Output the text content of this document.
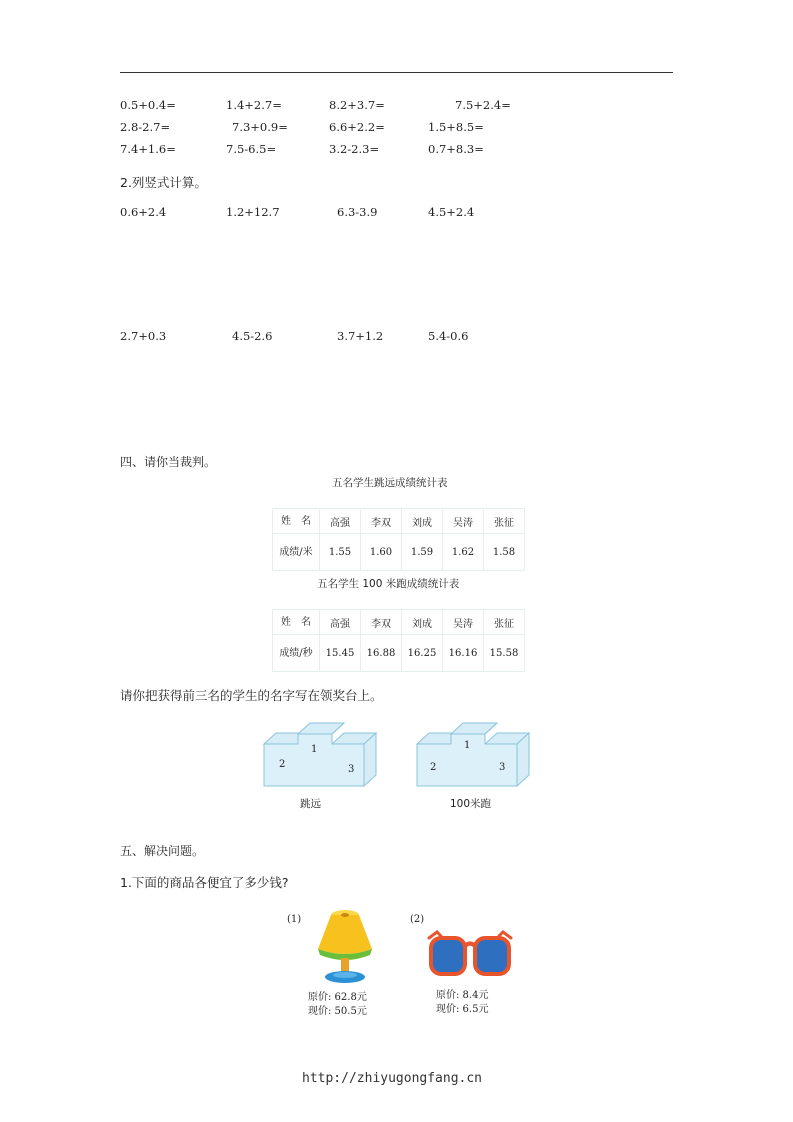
0.5+0.4=	1.4+2.7=	8.2+3.7=	7.5+2.4=
2.8-2.7=	7.3+0.9=	6.6+2.2=	1.5+8.5=
7.4+1.6=	7.5-6.5=	3.2-2.3=	0.7+8.3=
2.列竖式计算。
0.6+2.4	1.2+12.7	6.3-3.9	4.5+2.4
2.7+0.3	4.5-2.6	3.7+1.2	5.4-0.6
四、请你当裁判。
五名学生跳远成绩统计表
姓　名	高强	李双	刘成	吴涛	张征
成绩/米	1.55	1.60	1.59	1.62	1.58
五名学生 100 米跑成绩统计表
姓　名	高强	李双	刘成	吴涛	张征
成绩/秒	15.45	16.88	16.25	16.16	15.58
请你把获得前三名的学生的名字写在领奖台上。
1
2	3
跳远
1
2	3
100米跑
五、解决问题。
1.下面的商品各便宜了多少钱?
(1)
原价: 62.8元
现价: 50.5元
(2)
原价: 8.4元
现价: 6.5元
http://zhiyugongfang.cn
